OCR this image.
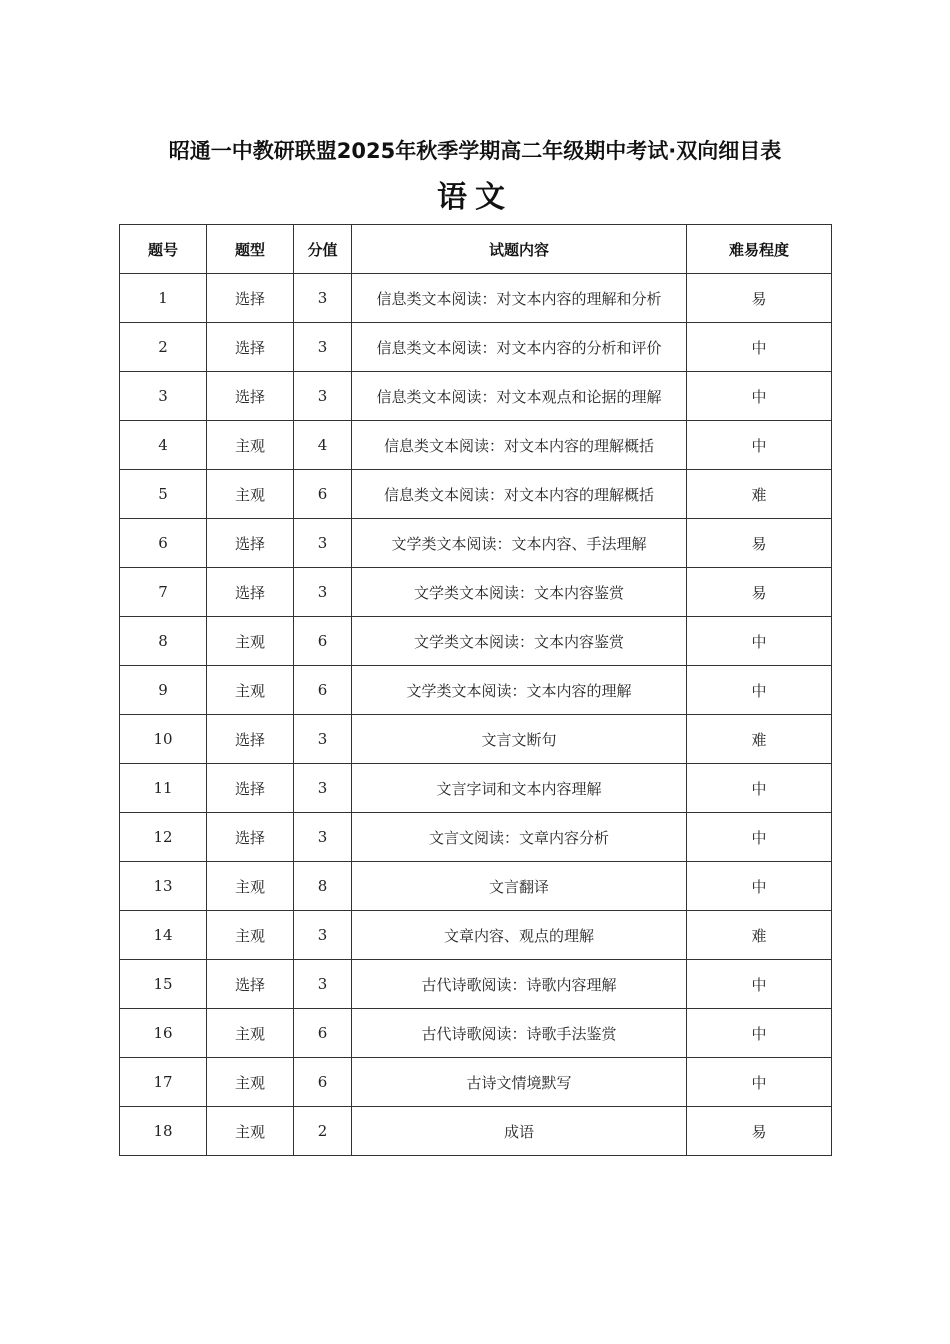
昭通一中教研联盟2025年秋季学期高二年级期中考试·双向细目表
语文
题号	题型	分值	试题内容	难易程度
1	选择	3	信息类文本阅读：对文本内容的理解和分析	易
2	选择	3	信息类文本阅读：对文本内容的分析和评价	中
3	选择	3	信息类文本阅读：对文本观点和论据的理解	中
4	主观	4	信息类文本阅读：对文本内容的理解概括	中
5	主观	6	信息类文本阅读：对文本内容的理解概括	难
6	选择	3	文学类文本阅读：文本内容、手法理解	易
7	选择	3	文学类文本阅读：文本内容鉴赏	易
8	主观	6	文学类文本阅读：文本内容鉴赏	中
9	主观	6	文学类文本阅读：文本内容的理解	中
10	选择	3	文言文断句	难
11	选择	3	文言字词和文本内容理解	中
12	选择	3	文言文阅读：文章内容分析	中
13	主观	8	文言翻译	中
14	主观	3	文章内容、观点的理解	难
15	选择	3	古代诗歌阅读：诗歌内容理解	中
16	主观	6	古代诗歌阅读：诗歌手法鉴赏	中
17	主观	6	古诗文情境默写	中
18	主观	2	成语	易
